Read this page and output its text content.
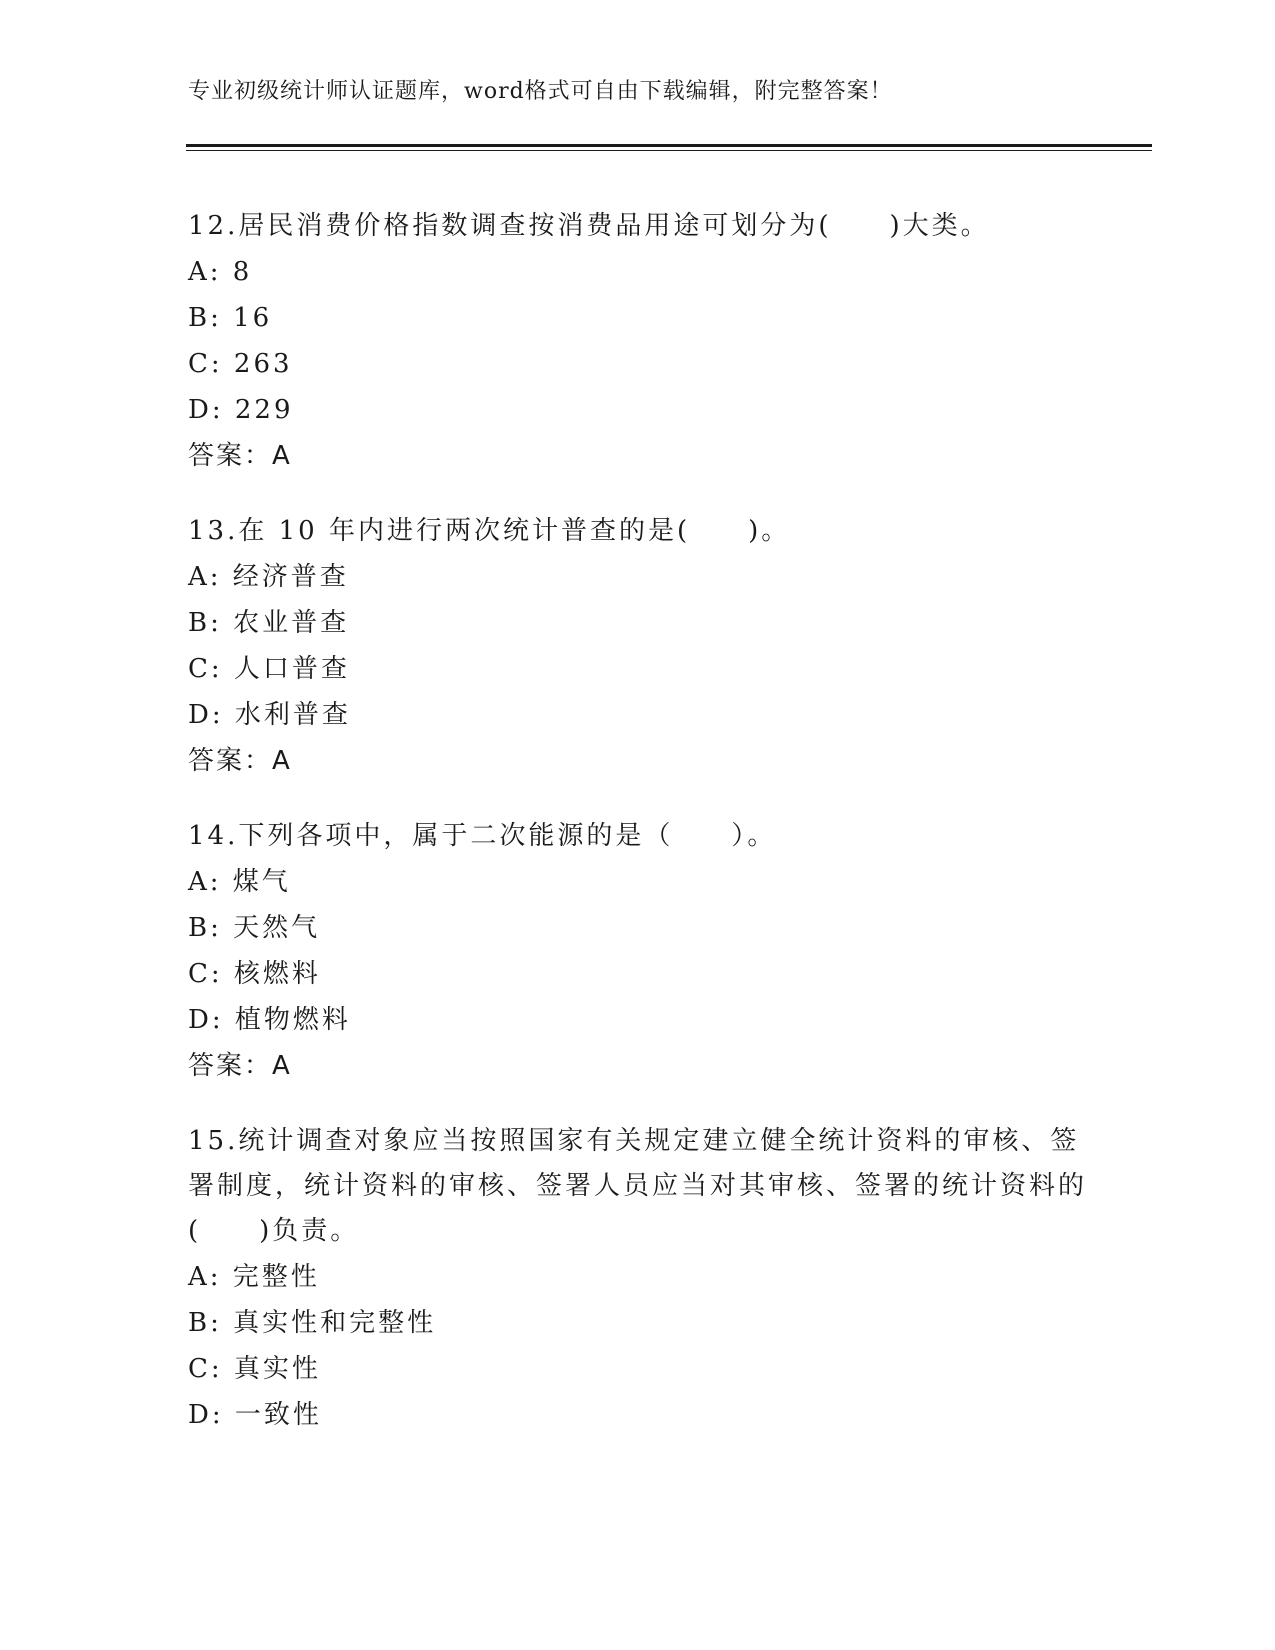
专业初级统计师认证题库，word格式可自由下载编辑，附完整答案！
12.居民消费价格指数调查按消费品用途可划分为(　　)大类。
A: 8
B: 16
C: 263
D: 229
答案：A
13.在 10 年内进行两次统计普查的是(　　)。
A: 经济普查
B: 农业普查
C: 人口普查
D: 水利普查
答案：A
14.下列各项中，属于二次能源的是（　　）。
A: 煤气
B: 天然气
C: 核燃料
D: 植物燃料
答案：A
15.统计调查对象应当按照国家有关规定建立健全统计资料的审核、签署制度，统计资料的审核、签署人员应当对其审核、签署的统计资料的(　　)负责。
A: 完整性
B: 真实性和完整性
C: 真实性
D: 一致性
